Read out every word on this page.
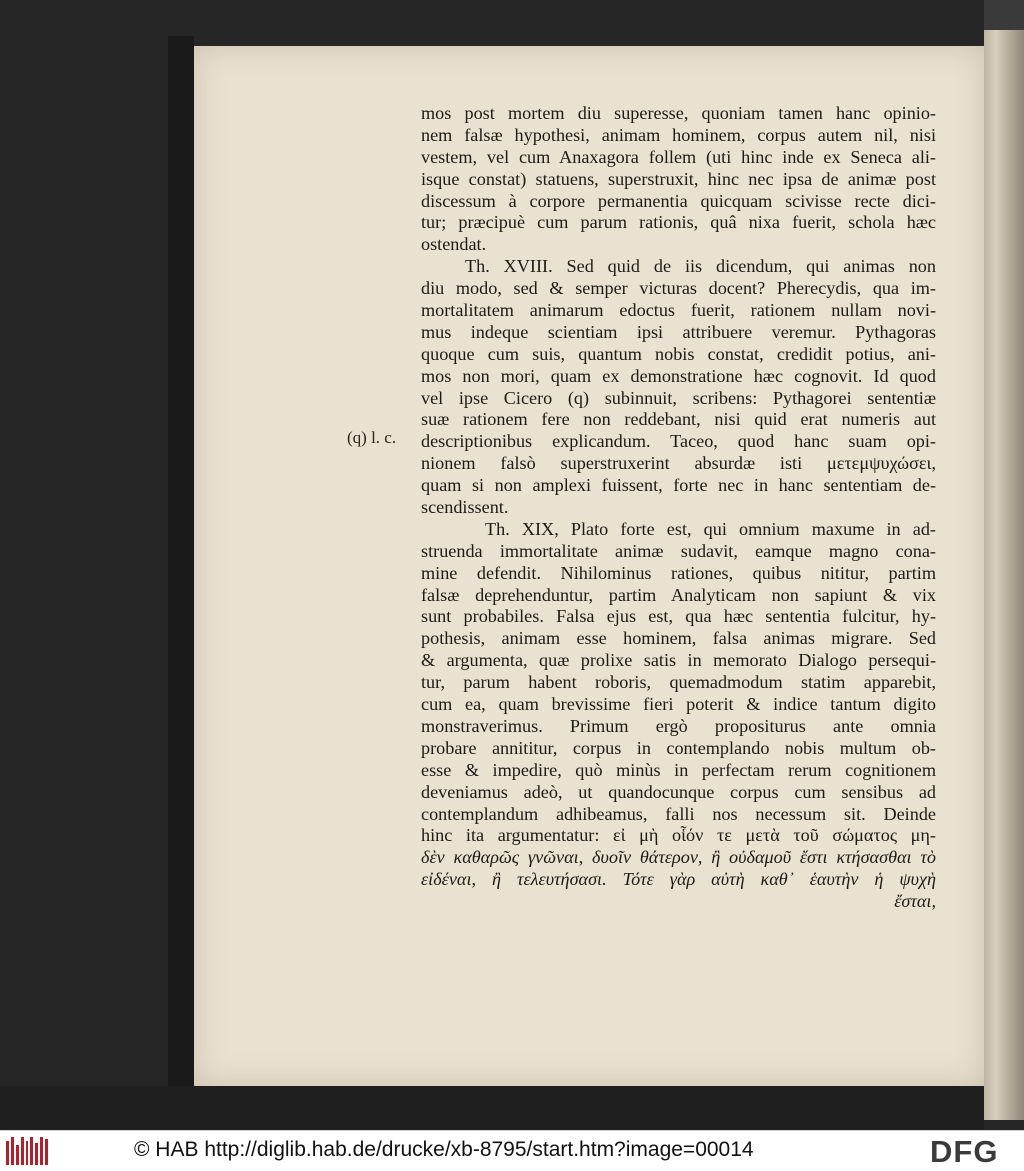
(q) l. c.
mos post mortem diu superesse, quoniam tamen hanc opinio-
nem falsæ hypothesi, animam hominem, corpus autem nil, nisi
vestem, vel cum Anaxagora follem (uti hinc inde ex Seneca ali-
isque constat) statuens, superstruxit, hinc nec ipsa de animæ post
discessum à corpore permanentia quicquam scivisse recte dici-
tur; præcipuè cum parum rationis, quâ nixa fuerit, schola hæc
ostendat.
Th. XVIII. Sed quid de iis dicendum, qui animas non
diu modo, sed & semper victuras docent? Pherecydis, qua im-
mortalitatem animarum edoctus fuerit, rationem nullam novi-
mus indeque scientiam ipsi attribuere veremur. Pythagoras
quoque cum suis, quantum nobis constat, credidit potius, ani-
mos non mori, quam ex demonstratione hæc cognovit. Id quod
vel ipse Cicero (q) subinnuit, scribens: Pythagorei sententiæ
suæ rationem fere non reddebant, nisi quid erat numeris aut
descriptionibus explicandum. Taceo, quod hanc suam opi-
nionem falsò superstruxerint absurdæ isti μετεμψυχώσει,
quam si non amplexi fuissent, forte nec in hanc sententiam de-
scendissent.
Th. XIX, Plato forte est, qui omnium maxume in ad-
struenda immortalitate animæ sudavit, eamque magno cona-
mine defendit. Nihilominus rationes, quibus nititur, partim
falsæ deprehenduntur, partim Analyticam non sapiunt & vix
sunt probabiles. Falsa ejus est, qua hæc sententia fulcitur, hy-
pothesis, animam esse hominem, falsa animas migrare. Sed
& argumenta, quæ prolixe satis in memorato Dialogo persequi-
tur, parum habent roboris, quemadmodum statim apparebit,
cum ea, quam brevissime fieri poterit & indice tantum digito
monstraverimus. Primum ergò propositurus ante omnia
probare annititur, corpus in contemplando nobis multum ob-
esse & impedire, quò minùs in perfectam rerum cognitionem
deveniamus adeò, ut quandocunque corpus cum sensibus ad
contemplandum adhibeamus, falli nos necessum sit. Deinde
hinc ita argumentatur: εἰ μὴ οἷόν τε μετὰ τοῦ σώματος μη-
δὲν καθαρῶς γνῶναι, δυοῖν θάτερον, ἢ οὐδαμοῦ ἔστι κτήσασθαι τὸ
εἰδέναι, ἢ τελευτήσασι. Τότε γὰρ αὐτὴ καθ᾽ ἑαυτὴν ἡ ψυχὴ
ἔσται,
© HAB http://diglib.hab.de/drucke/xb-8795/start.htm?image=00014	DFG
